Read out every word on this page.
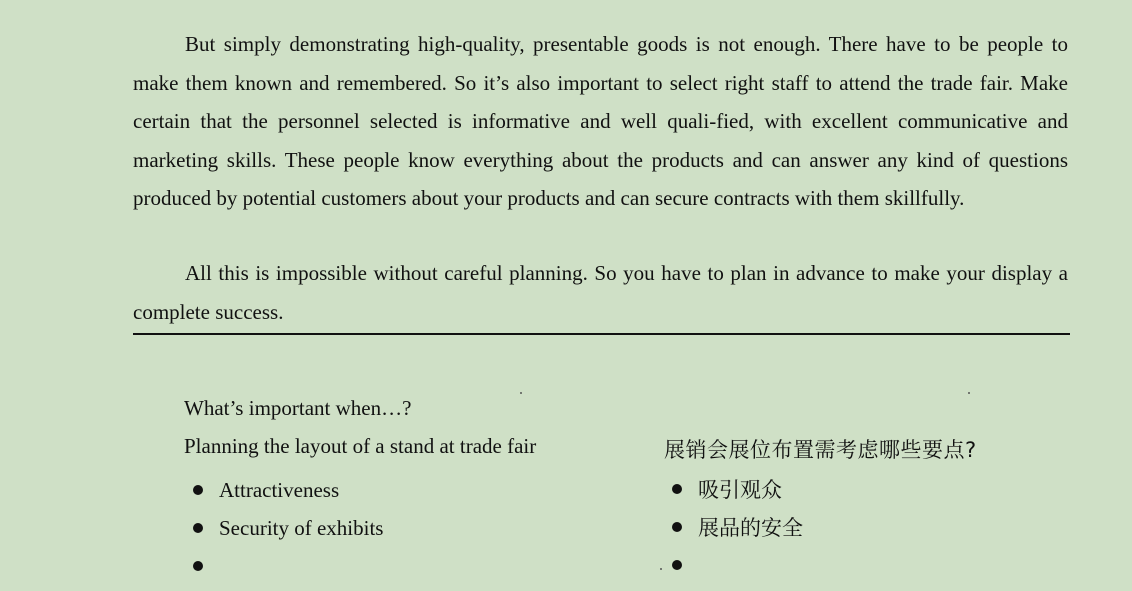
But simply demonstrating high-quality, presentable goods is not enough. There have to be people to make them known and remembered. So it’s also important to select right staff to attend the trade fair. Make certain that the personnel selected is informative and well quali-fied, with excellent communicative and marketing skills. These people know everything about the products and can answer any kind of questions produced by potential customers about your products and can secure contracts with them skillfully.

All this is impossible without careful planning. So you have to plan in advance to make your display a complete success.

What’s important when…?
Planning the layout of a stand at trade fair	展销会展位布置需考虑哪些要点?
Attractiveness
Security of exhibits
吸引观众
展品的安全
